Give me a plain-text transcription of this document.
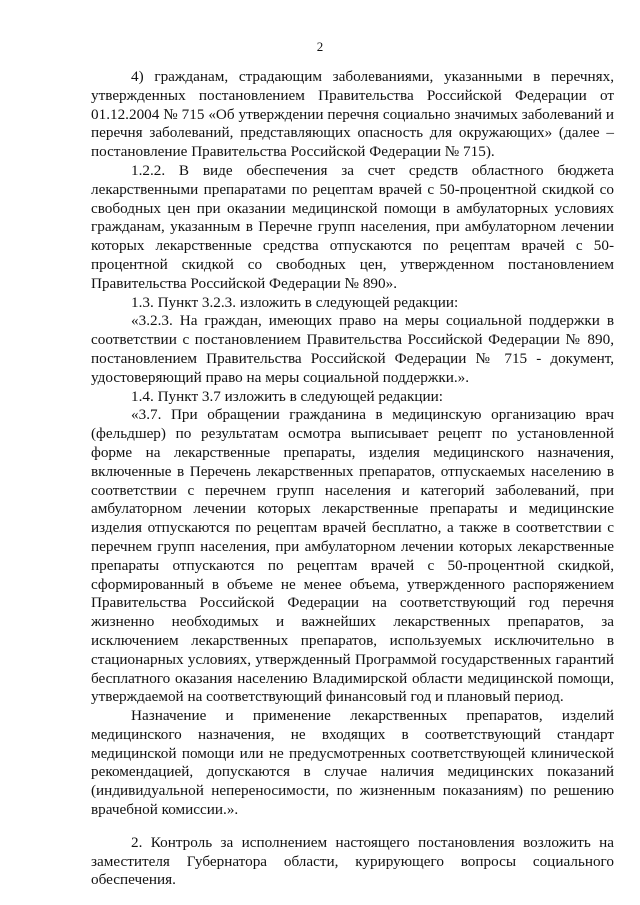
2

4) гражданам, страдающим заболеваниями, указанными в перечнях, утвержденных постановлением Правительства Российской Федерации от 01.12.2004 № 715 «Об утверждении перечня социально значимых заболеваний и перечня заболеваний, представляющих опасность для окружающих» (далее – постановление Правительства Российской Федерации № 715).

1.2.2. В виде обеспечения за счет средств областного бюджета лекарственными препаратами по рецептам врачей с 50-процентной скидкой со свободных цен при оказании медицинской помощи в амбулаторных условиях гражданам, указанным в Перечне групп населения, при амбулаторном лечении которых лекарственные средства отпускаются по рецептам врачей с 50-процентной скидкой со свободных цен, утвержденном постановлением Правительства Российской Федерации № 890».

1.3. Пункт 3.2.3. изложить в следующей редакции:

«3.2.3. На граждан, имеющих право на меры социальной поддержки в соответствии с постановлением Правительства Российской Федерации № 890, постановлением Правительства Российской Федерации № 715 - документ, удостоверяющий право на меры социальной поддержки.».

1.4. Пункт 3.7 изложить в следующей редакции:

«3.7. При обращении гражданина в медицинскую организацию врач (фельдшер) по результатам осмотра выписывает рецепт по установленной форме на лекарственные препараты, изделия медицинского назначения, включенные в Перечень лекарственных препаратов, отпускаемых населению в соответствии с перечнем групп населения и категорий заболеваний, при амбулаторном лечении которых лекарственные препараты и медицинские изделия отпускаются по рецептам врачей бесплатно, а также в соответствии с перечнем групп населения, при амбулаторном лечении которых лекарственные препараты отпускаются по рецептам врачей с 50-процентной скидкой, сформированный в объеме не менее объема, утвержденного распоряжением Правительства Российской Федерации на соответствующий год перечня жизненно необходимых и важнейших лекарственных препаратов, за исключением лекарственных препаратов, используемых исключительно в стационарных условиях, утвержденный Программой государственных гарантий бесплатного оказания населению Владимирской области медицинской помощи, утверждаемой на соответствующий финансовый год и плановый период.

Назначение и применение лекарственных препаратов, изделий медицинского назначения, не входящих в соответствующий стандарт медицинской помощи или не предусмотренных соответствующей клинической рекомендацией, допускаются в случае наличия медицинских показаний (индивидуальной непереносимости, по жизненным показаниям) по решению врачебной комиссии.».

2. Контроль за исполнением настоящего постановления возложить на заместителя Губернатора области, курирующего вопросы социального обеспечения.
